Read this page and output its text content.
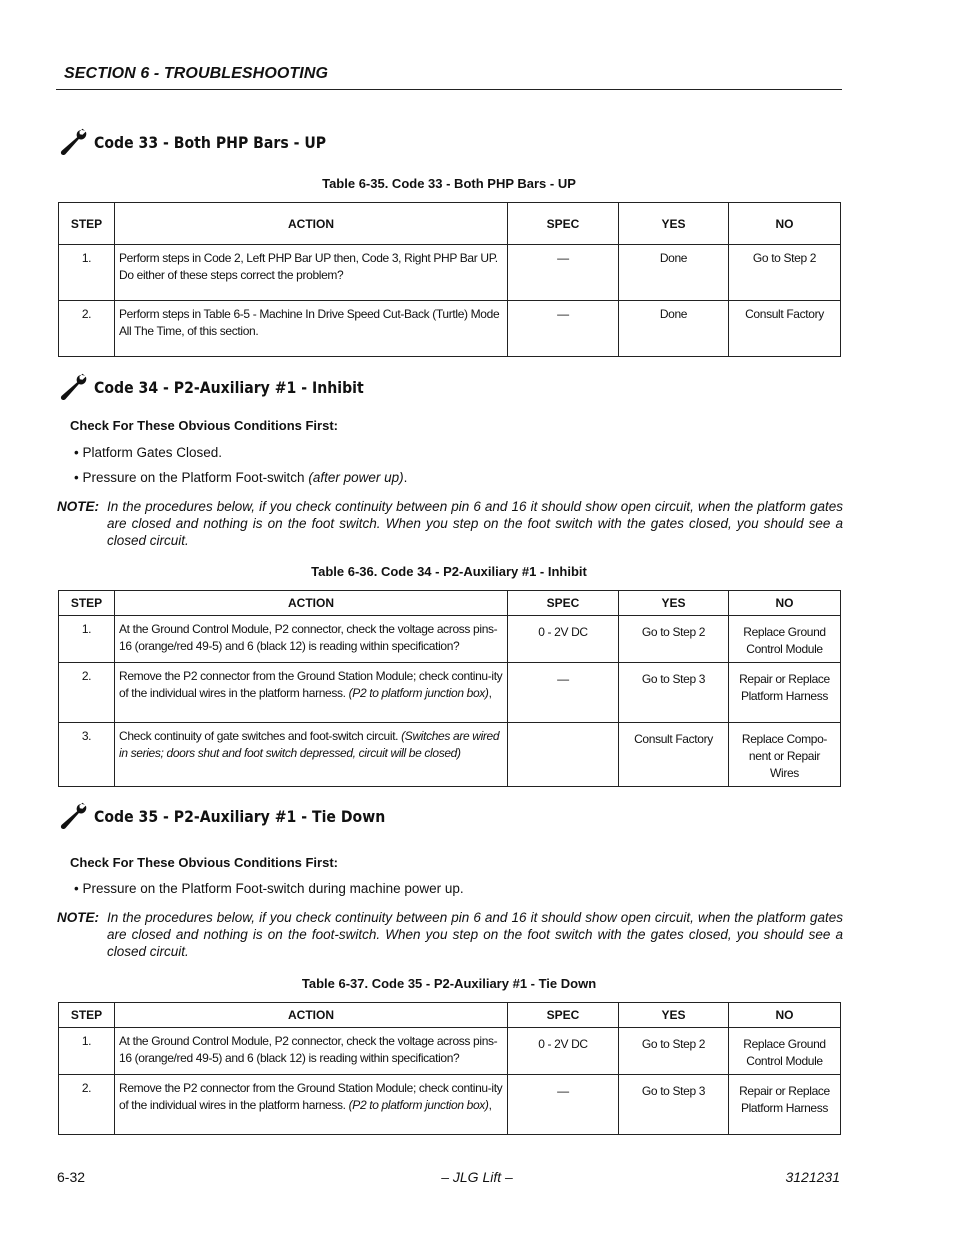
SECTION 6 - TROUBLESHOOTING
Code 33 - Both PHP Bars - UP
Table 6-35. Code 33 - Both PHP Bars - UP
STEP	ACTION	SPEC	YES	NO
1.	Perform steps in Code 2, Left PHP Bar UP then, Code 3, Right PHP Bar UP. Do either of these steps correct the problem?	—	Done	Go to Step 2
2.	Perform steps in Table 6-5 - Machine In Drive Speed Cut-Back (Turtle) Mode All The Time, of this section.	—	Done	Consult Factory
Code 34 - P2-Auxiliary #1 - Inhibit
Check For These Obvious Conditions First:
• Platform Gates Closed.
• Pressure on the Platform Foot-switch (after power up).
NOTE: In the procedures below, if you check continuity between pin 6 and 16 it should show open circuit, when the platform gates are closed and nothing is on the foot switch. When you step on the foot switch with the gates closed, you should see a closed circuit.
Table 6-36. Code 34 - P2-Auxiliary #1 - Inhibit
STEP	ACTION	SPEC	YES	NO
1.	At the Ground Control Module, P2 connector, check the voltage across pins-16 (orange/red 49-5) and 6 (black 12) is reading within specification?	0 - 2V DC	Go to Step 2	Replace Ground Control Module
2.	Remove the P2 connector from the Ground Station Module; check continu-ity of the individual wires in the platform harness. (P2 to platform junction box),	—	Go to Step 3	Repair or Replace Platform Harness
3.	Check continuity of gate switches and foot-switch circuit. (Switches are wired in series; doors shut and foot switch depressed, circuit will be closed)		Consult Factory	Replace Compo-nent or Repair Wires
Code 35 - P2-Auxiliary #1 - Tie Down
Check For These Obvious Conditions First:
• Pressure on the Platform Foot-switch during machine power up.
NOTE: In the procedures below, if you check continuity between pin 6 and 16 it should show open circuit, when the platform gates are closed and nothing is on the foot-switch. When you step on the foot switch with the gates closed, you should see a closed circuit.
Table 6-37. Code 35 - P2-Auxiliary #1 - Tie Down
STEP	ACTION	SPEC	YES	NO
1.	At the Ground Control Module, P2 connector, check the voltage across pins-16 (orange/red 49-5) and 6 (black 12) is reading within specification?	0 - 2V DC	Go to Step 2	Replace Ground Control Module
2.	Remove the P2 connector from the Ground Station Module; check continu-ity of the individual wires in the platform harness. (P2 to platform junction box),	—	Go to Step 3	Repair or Replace Platform Harness
6-32	– JLG Lift –	3121231
